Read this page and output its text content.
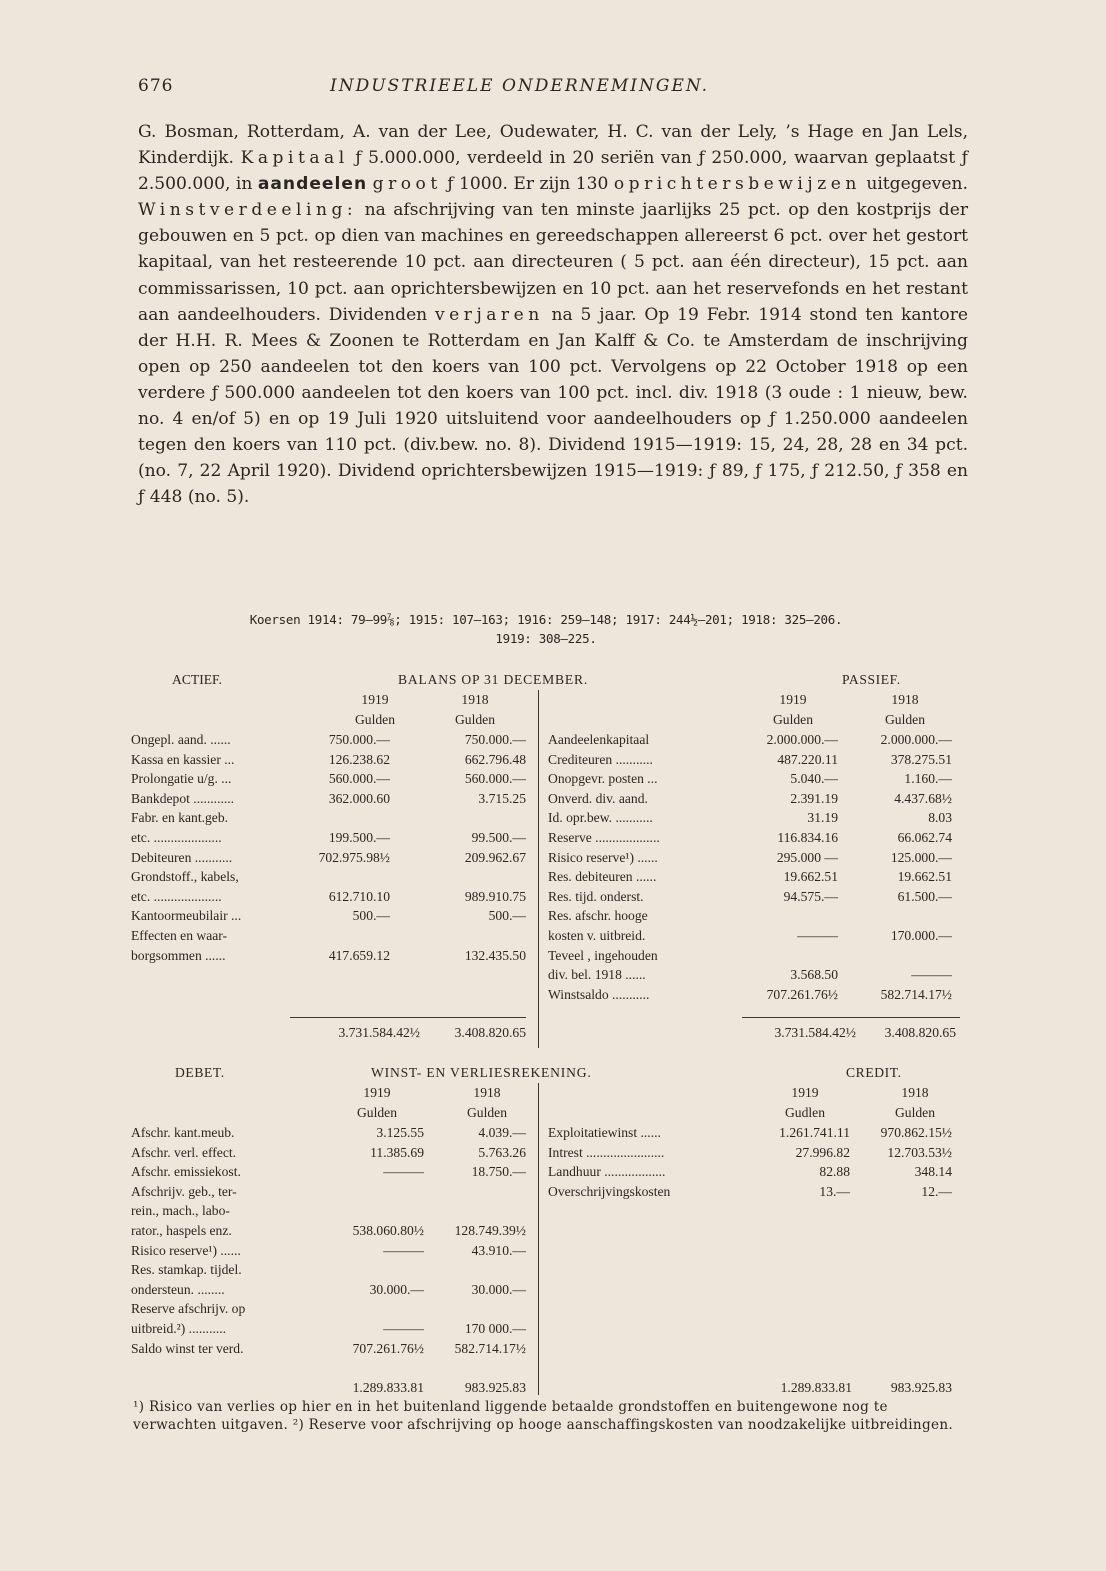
676	INDUSTRIEELE ONDERNEMINGEN.

G. Bosman, Rotterdam, A. van der Lee, Oudewater, H. C. van der Lely, ’s Hage en Jan Lels, Kinderdijk. Kapitaal ƒ 5.000.000, verdeeld in 20 seriën van ƒ 250.000, waarvan geplaatst ƒ 2.500.000, in aandeelen groot ƒ 1000. Er zijn 130 oprichtersbewijzen uitgegeven. Winstverdeeling: na afschrijving van ten minste jaarlijks 25 pct. op den kostprijs der gebouwen en 5 pct. op dien van machines en gereedschappen allereerst 6 pct. over het gestort kapitaal, van het resteerende 10 pct. aan directeuren ( 5 pct. aan één directeur), 15 pct. aan commissarissen, 10 pct. aan oprichtersbewijzen en 10 pct. aan het reservefonds en het restant aan aandeelhouders. Dividenden verjaren na 5 jaar. Op 19 Febr. 1914 stond ten kantore der H.H. R. Mees & Zoonen te Rotterdam en Jan Kalff & Co. te Amsterdam de inschrijving open op 250 aandeelen tot den koers van 100 pct. Vervolgens op 22 October 1918 op een verdere ƒ 500.000 aandeelen tot den koers van 100 pct. incl. div. 1918 (3 oude : 1 nieuw, bew. no. 4 en/of 5) en op 19 Juli 1920 uitsluitend voor aandeelhouders op ƒ 1.250.000 aandeelen tegen den koers van 110 pct. (div.bew. no. 8). Dividend 1915—1919: 15, 24, 28, 28 en 34 pct. (no. 7, 22 April 1920). Dividend oprichtersbewijzen 1915—1919: ƒ 89, ƒ 175, ƒ 212.50, ƒ 358 en ƒ 448 (no. 5).

Koersen 1914: 79—99⅞; 1915: 107—163; 1916: 259—148; 1917: 244½—201; 1918: 325—206.
1919: 308—225.
ACTIEF.	BALANS OP 31 DECEMBER.	PASSIEF.
1919	1918
Gulden	Gulden
1919	1918
Gulden	Gulden
Ongepl. aand. ......	750.000.—	750.000.—
Kassa en kassier ...	126.238.62	662.796.48
Prolongatie u/g. ...	560.000.—	560.000.—
Bankdepot ............	362.000.60	3.715.25
Fabr. en kant.geb.
etc. ....................	199.500.—	99.500.—
Debiteuren ...........	702.975.98½	209.962.67
Grondstoff., kabels,
etc. ....................	612.710.10	989.910.75
Kantoormeubilair ...	500.—	500.—
Effecten en waar-
borgsommen ......	417.659.12	132.435.50
Aandeelenkapitaal	2.000.000.—	2.000.000.—
Crediteuren ...........	487.220.11	378.275.51
Onopgevr. posten ...	5.040.—	1.160.—
Onverd. div. aand.	2.391.19	4.437.68½
Id. opr.bew. ...........	31.19	8.03
Reserve ...................	116.834.16	66.062.74
Risico reserve¹) ......	295.000 —	125.000.—
Res. debiteuren ......	19.662.51	19.662.51
Res. tijd. onderst.	94.575.—	61.500.—
Res. afschr. hooge
kosten v. uitbreid.	———	170.000.—
Teveel , ingehouden
div. bel. 1918 ......	3.568.50	———
Winstsaldo ...........	707.261.76½	582.714.17½
3.731.584.42½	3.408.820.65	3.731.584.42½	3.408.820.65
DEBET.	WINST- EN VERLIESREKENING.	CREDIT.
1919	1918
Gulden	Gulden
1919	1918
Gudlen	Gulden
Afschr. kant.meub.	3.125.55	4.039.—
Afschr. verl. effect.	11.385.69	5.763.26
Afschr. emissiekost.	———	18.750.—
Afschrijv. geb., ter-
rein., mach., labo-
rator., haspels enz.	538.060.80½	128.749.39½
Risico reserve¹) ......	———	43.910.—
Res. stamkap. tijdel.
ondersteun. ........	30.000.—	30.000.—
Reserve afschrijv. op
uitbreid.²) ...........	———	170 000.—
Saldo winst ter verd.	707.261.76½	582.714.17½
Exploitatiewinst ......	1.261.741.11	970.862.15½
Intrest .......................	27.996.82	12.703.53½
Landhuur ..................	82.88	348.14
Overschrijvingskosten	13.—	12.—
1.289.833.81	983.925.83	1.289.833.81	983.925.83
¹) Risico van verlies op hier en in het buitenland liggende betaalde grondstoffen en buitengewone nog te verwachten uitgaven. ²) Reserve voor afschrijving op hooge aanschaffingskosten van noodzakelijke uitbreidingen.
